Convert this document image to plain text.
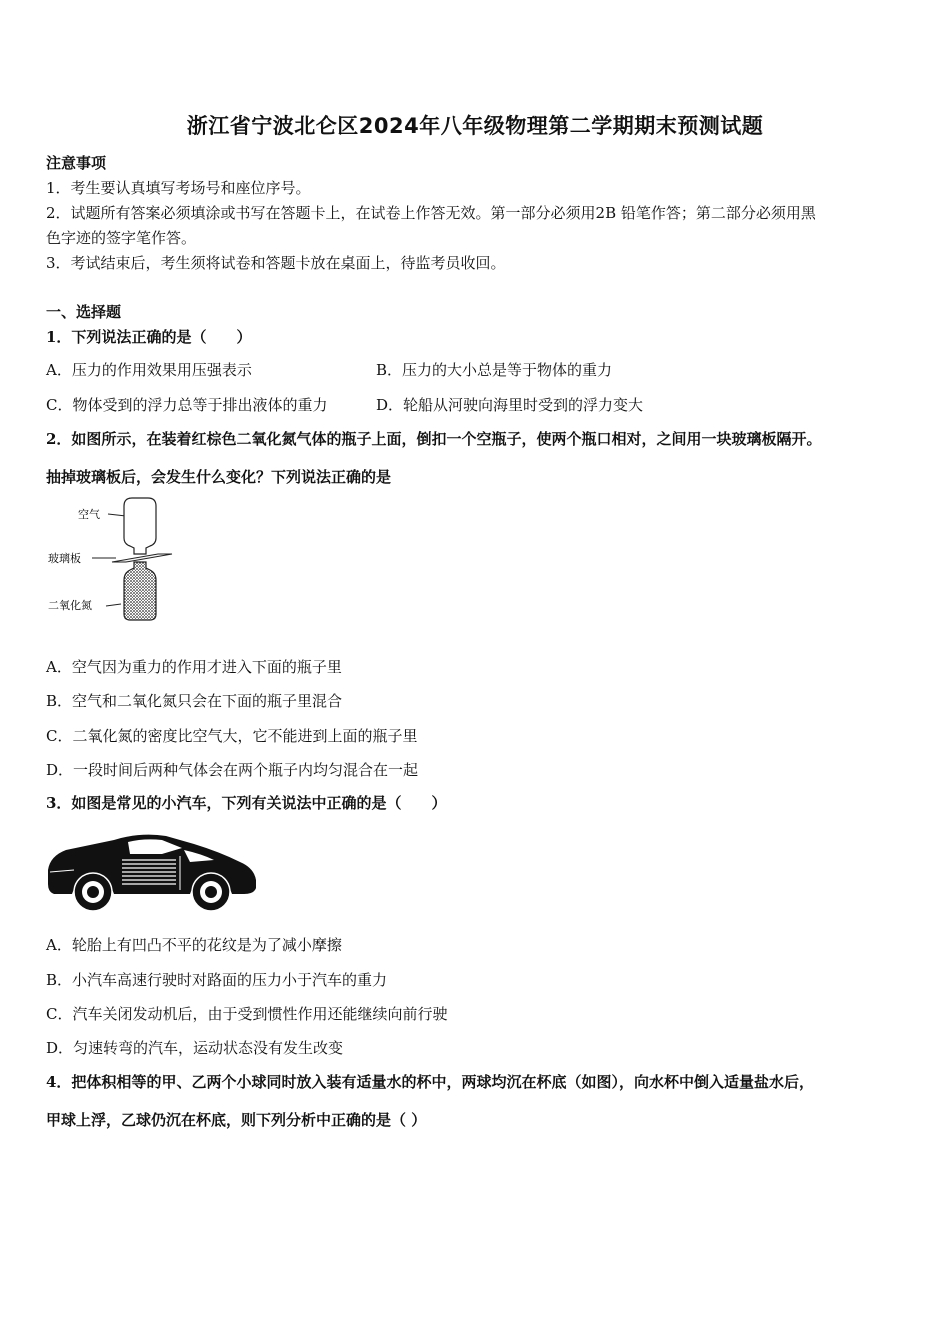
浙江省宁波北仑区2024年八年级物理第二学期期末预测试题
注意事项
1．考生要认真填写考场号和座位序号。
2．试题所有答案必须填涂或书写在答题卡上，在试卷上作答无效。第一部分必须用2B 铅笔作答；第二部分必须用黑
色字迹的签字笔作答。
3．考试结束后，考生须将试卷和答题卡放在桌面上，待监考员收回。
一、选择题
1．下列说法正确的是（　　）
A．压力的作用效果用压强表示	B．压力的大小总是等于物体的重力
C．物体受到的浮力总等于排出液体的重力	D．轮船从河驶向海里时受到的浮力变大
2．如图所示，在装着红棕色二氧化氮气体的瓶子上面，倒扣一个空瓶子，使两个瓶口相对，之间用一块玻璃板隔开。
抽掉玻璃板后，会发生什么变化？下列说法正确的是
空气
玻璃板
二氧化氮
A．空气因为重力的作用才进入下面的瓶子里
B．空气和二氧化氮只会在下面的瓶子里混合
C．二氧化氮的密度比空气大，它不能进到上面的瓶子里
D．一段时间后两种气体会在两个瓶子内均匀混合在一起
3．如图是常见的小汽车，下列有关说法中正确的是（　　）
A．轮胎上有凹凸不平的花纹是为了减小摩擦
B．小汽车高速行驶时对路面的压力小于汽车的重力
C．汽车关闭发动机后，由于受到惯性作用还能继续向前行驶
D．匀速转弯的汽车，运动状态没有发生改变
4．把体积相等的甲、乙两个小球同时放入装有适量水的杯中，两球均沉在杯底（如图），向水杯中倒入适量盐水后，
甲球上浮，乙球仍沉在杯底，则下列分析中正确的是（ ）
